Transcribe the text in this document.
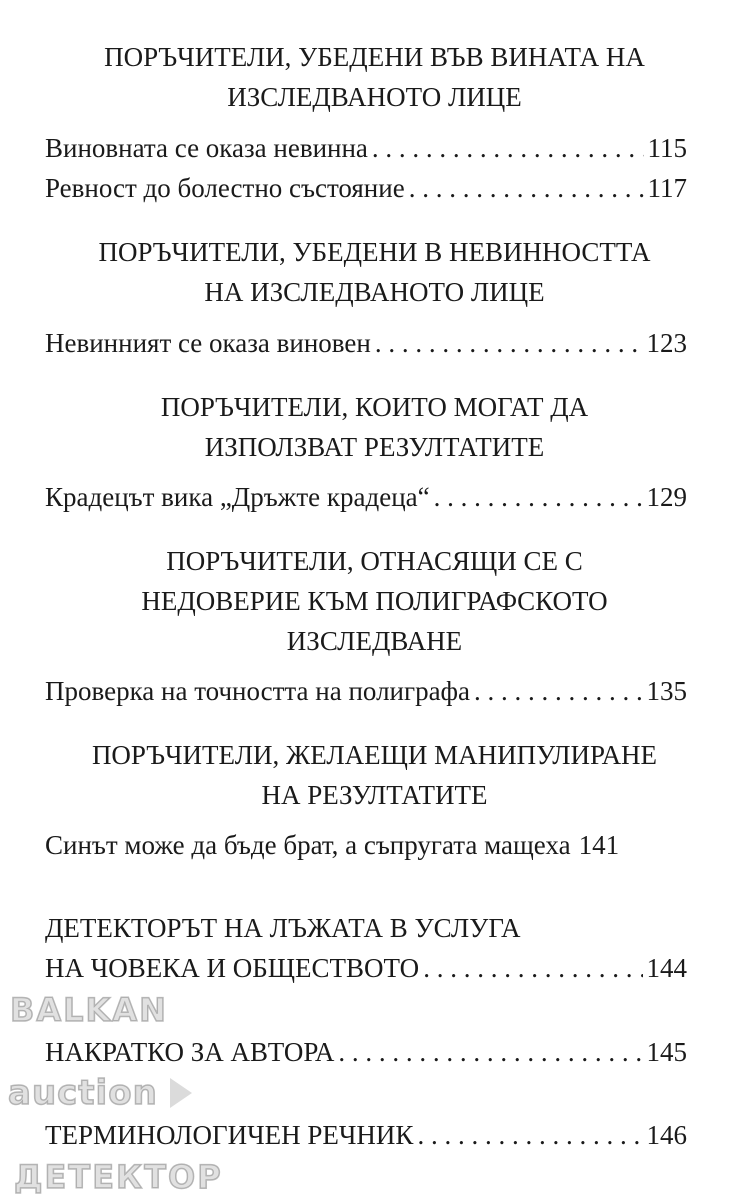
ПОРЪЧИТЕЛИ, УБЕДЕНИ ВЪВ ВИНАТА НА
ИЗСЛЕДВАНОТО ЛИЦЕ
Виновната се оказа невинна . . .	115
Ревност до болестно състояние . . .	117
ПОРЪЧИТЕЛИ, УБЕДЕНИ В НЕВИННОСТТА
НА ИЗСЛЕДВАНОТО ЛИЦЕ
Невинният се оказа виновен . . .	123
ПОРЪЧИТЕЛИ, КОИТО МОГАТ ДА
ИЗПОЛЗВАТ РЕЗУЛТАТИТЕ
Крадецът вика „Дръжте крадеца“ . . .	129
ПОРЪЧИТЕЛИ, ОТНАСЯЩИ СЕ С
НЕДОВЕРИЕ КЪМ ПОЛИГРАФСКОТО
ИЗСЛЕДВАНЕ
Проверка на точността на полиграфа . . .	135
ПОРЪЧИТЕЛИ, ЖЕЛАЕЩИ МАНИПУЛИРАНЕ
НА РЕЗУЛТАТИТЕ
Синът може да бъде брат, а съпругата мащеха 141
ДЕТЕКТОРЪТ НА ЛЪЖАТА В УСЛУГА
НА ЧОВЕКА И ОБЩЕСТВОТО . . .	144
НАКРАТКО ЗА АВТОРА . . .	145
ТЕРМИНОЛОГИЧЕН РЕЧНИК . . .	146
BALKAN
auction
ДЕТЕКТОР
